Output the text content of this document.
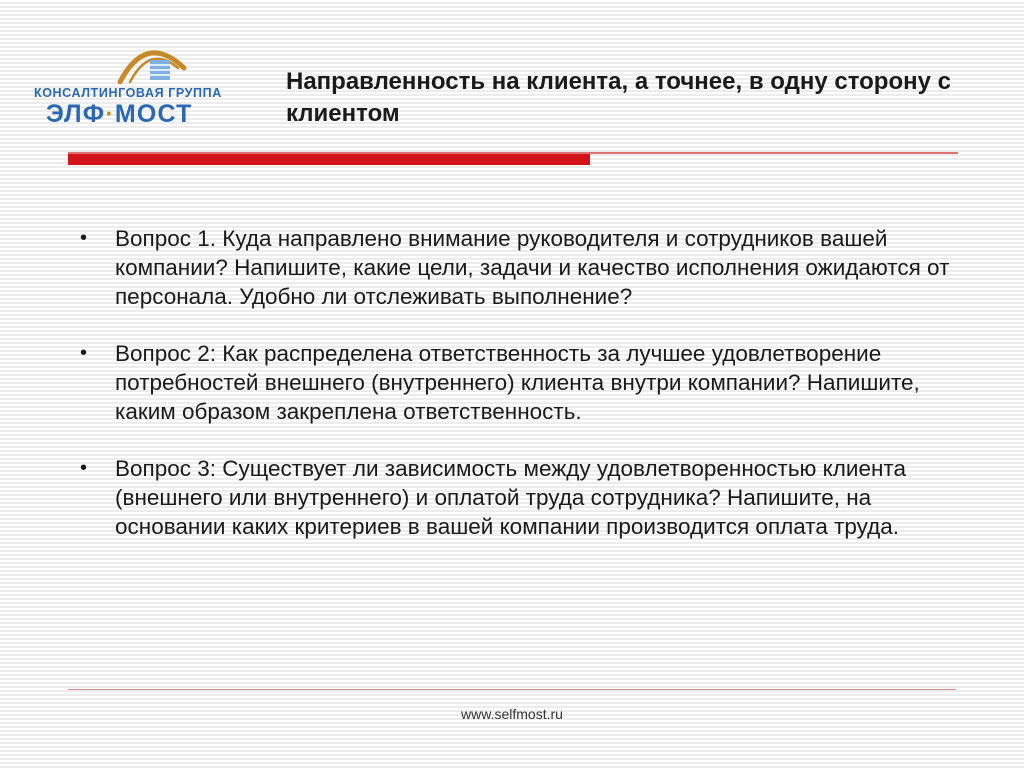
КОНСАЛТИНГОВАЯ ГРУППА
ЭЛФ·МОСТ
Направленность на клиента, а точнее, в одну сторону с клиентом
• Вопрос 1. Куда направлено внимание руководителя и сотрудников вашей компании? Напишите, какие цели, задачи и качество исполнения ожидаются от персонала. Удобно ли отслеживать выполнение?
• Вопрос 2: Как распределена ответственность за лучшее удовлетворение потребностей внешнего (внутреннего) клиента внутри компании? Напишите, каким образом закреплена ответственность.
• Вопрос 3: Существует ли зависимость между удовлетворенностью клиента (внешнего или внутреннего) и оплатой труда сотрудника? Напишите, на основании каких критериев в вашей компании производится оплата труда.
www.selfmost.ru
